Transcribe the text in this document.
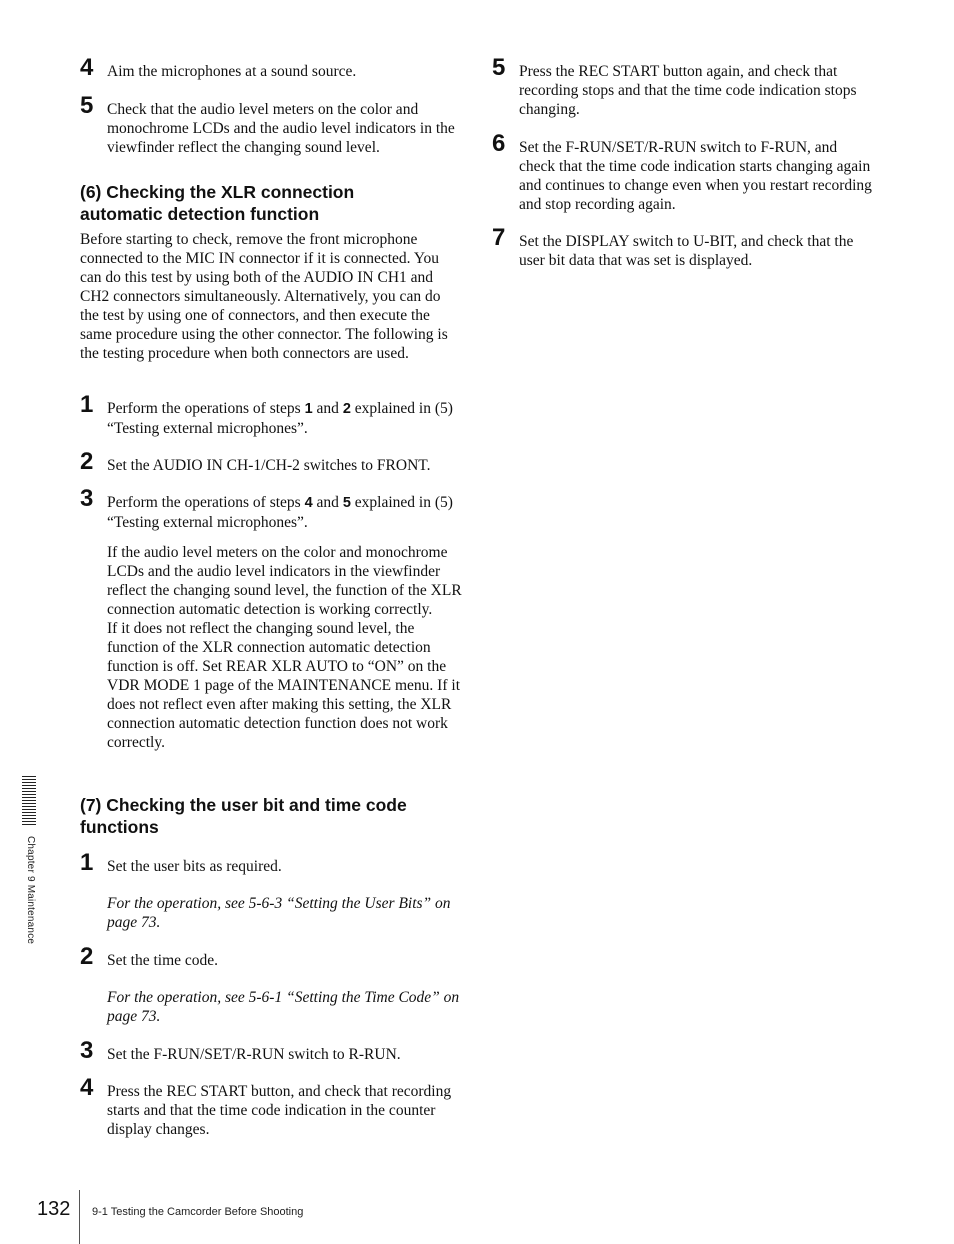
4 Aim the microphones at a sound source.
5 Check that the audio level meters on the color and monochrome LCDs and the audio level indicators in the viewfinder reflect the changing sound level.
(6) Checking the XLR connection
automatic detection function
Before starting to check, remove the front microphone connected to the MIC IN connector if it is connected. You can do this test by using both of the AUDIO IN CH1 and CH2 connectors simultaneously. Alternatively, you can do the test by using one of connectors, and then execute the same procedure using the other connector. The following is the testing procedure when both connectors are used.
1 Perform the operations of steps 1 and 2 explained in (5) “Testing external microphones”.
2 Set the AUDIO IN CH-1/CH-2 switches to FRONT.
3 Perform the operations of steps 4 and 5 explained in (5) “Testing external microphones”.
If the audio level meters on the color and monochrome LCDs and the audio level indicators in the viewfinder reflect the changing sound level, the function of the XLR connection automatic detection is working correctly.
If it does not reflect the changing sound level, the function of the XLR connection automatic detection function is off. Set REAR XLR AUTO to “ON” on the VDR MODE 1 page of the MAINTENANCE menu. If it does not reflect even after making this setting, the XLR connection automatic detection function does not work correctly.
(7) Checking the user bit and time code
functions
1 Set the user bits as required.
For the operation, see 5-6-3 “Setting the User Bits” on page 73.
2 Set the time code.
For the operation, see 5-6-1 “Setting the Time Code” on page 73.
3 Set the F-RUN/SET/R-RUN switch to R-RUN.
4 Press the REC START button, and check that recording starts and that the time code indication in the counter display changes.
5 Press the REC START button again, and check that recording stops and that the time code indication stops changing.
6 Set the F-RUN/SET/R-RUN switch to F-RUN, and check that the time code indication starts changing again and continues to change even when you restart recording and stop recording again.
7 Set the DISPLAY switch to U-BIT, and check that the user bit data that was set is displayed.
Chapter 9 Maintenance
132 9-1 Testing the Camcorder Before Shooting
